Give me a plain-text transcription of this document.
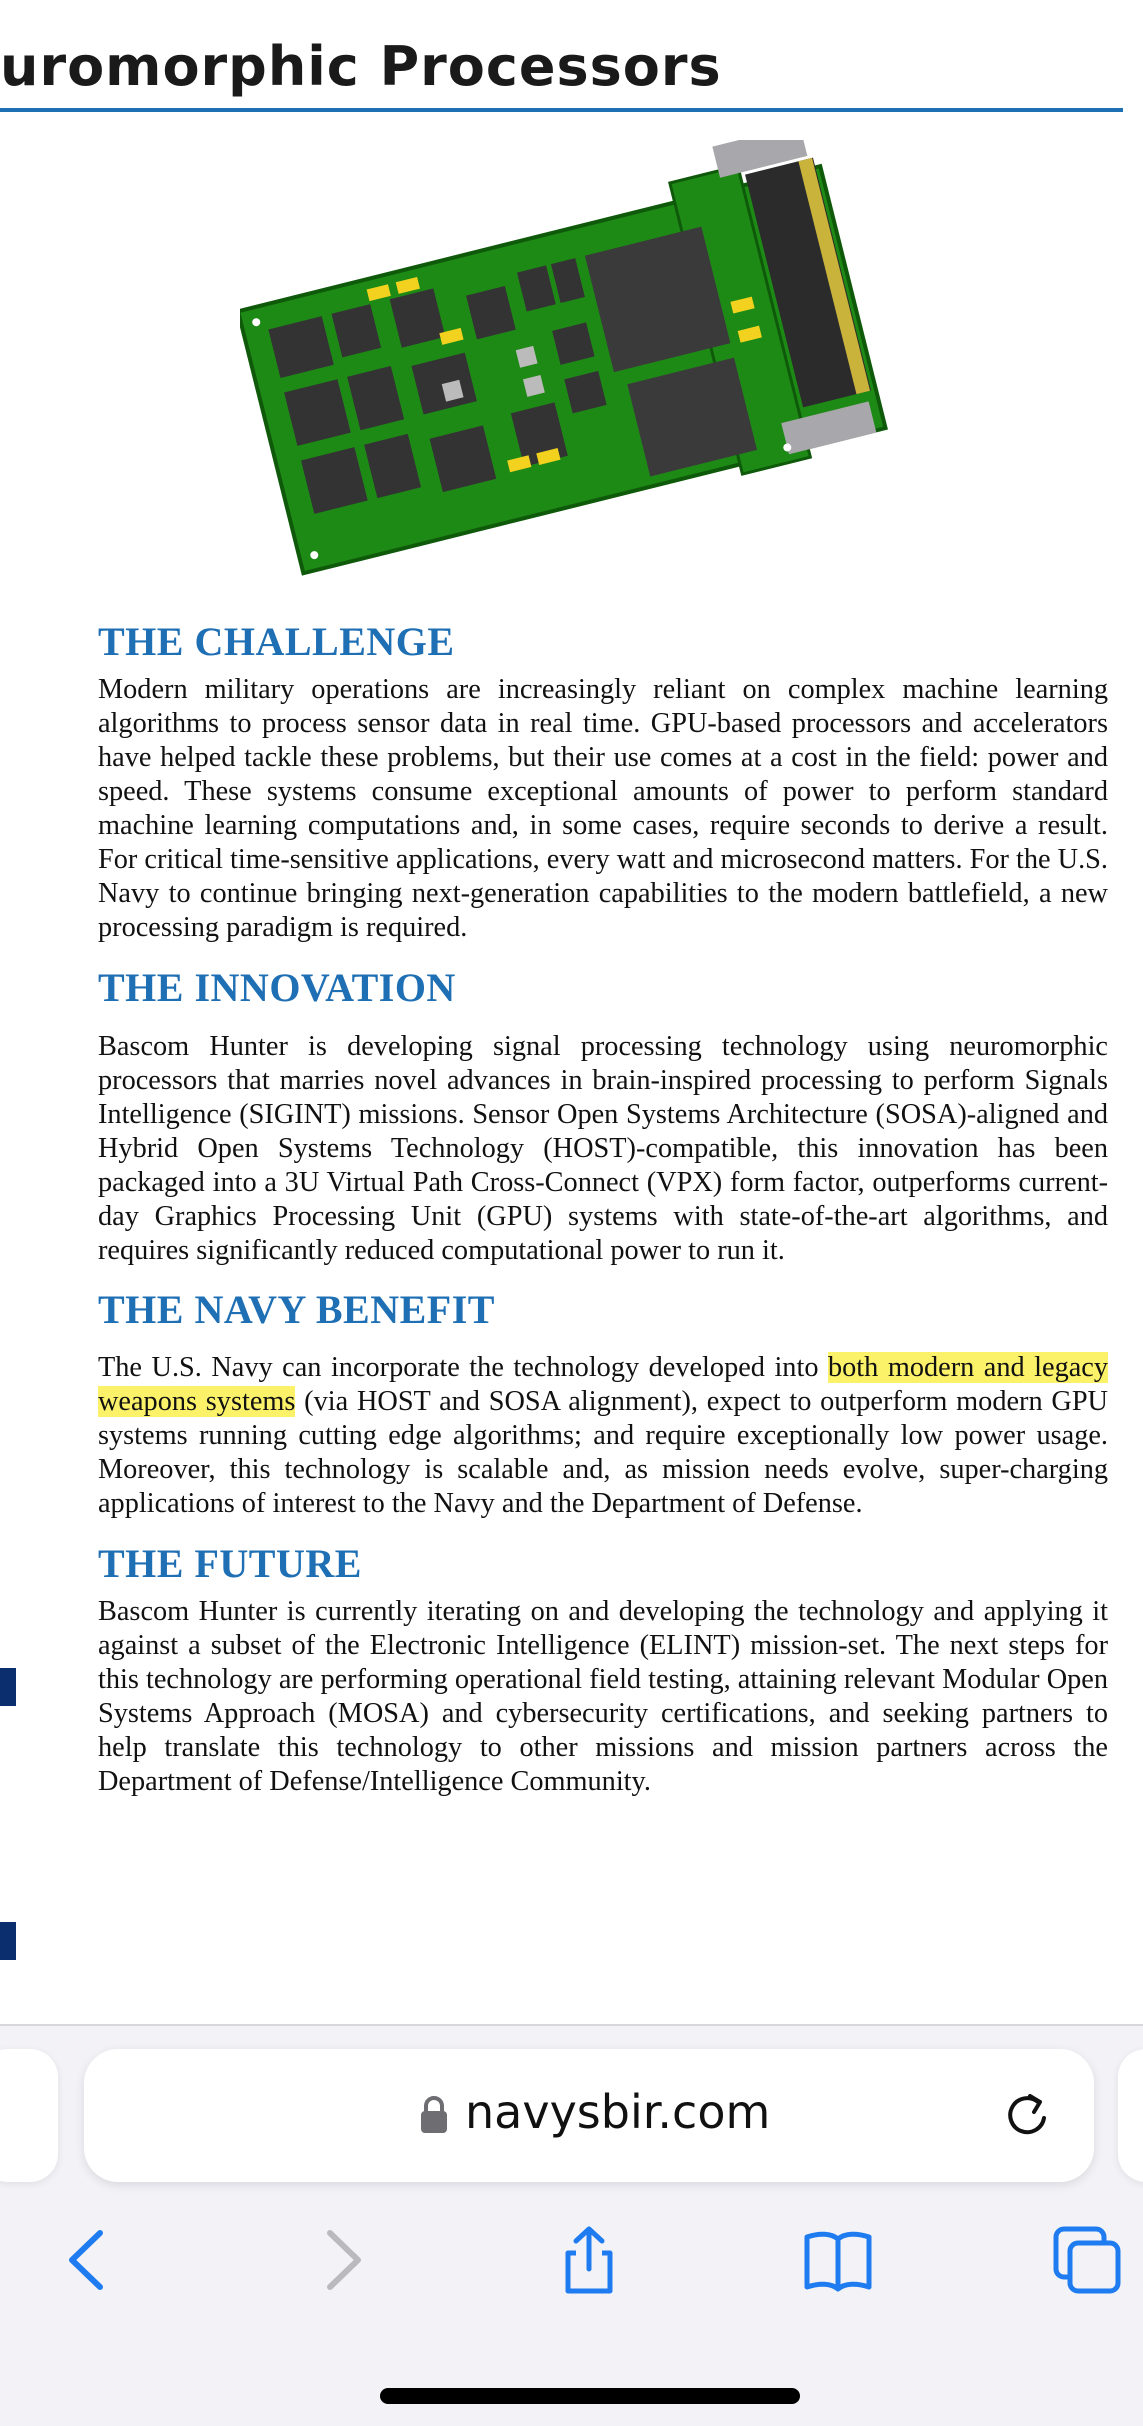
uromorphic Processors
THE CHALLENGE
Modern military operations are increasingly reliant on complex machine learning algorithms to process sensor data in real time. GPU-based processors and accelerators have helped tackle these problems, but their use comes at a cost in the field: power and speed. These systems consume exceptional amounts of power to perform standard machine learning computations and, in some cases, require seconds to derive a result. For critical time-sensitive applications, every watt and microsecond matters. For the U.S. Navy to continue bringing next-generation capabilities to the modern battlefield, a new processing paradigm is required.
THE INNOVATION
Bascom Hunter is developing signal processing technology using neuromorphic processors that marries novel advances in brain-inspired processing to perform Signals Intelligence (SIGINT) missions. Sensor Open Systems Architecture (SOSA)-aligned and Hybrid Open Systems Technology (HOST)-compatible, this innovation has been packaged into a 3U Virtual Path Cross-Connect (VPX) form factor, outperforms current-day Graphics Processing Unit (GPU) systems with state-of-the-art algorithms, and requires significantly reduced computational power to run it.
THE NAVY BENEFIT
The U.S. Navy can incorporate the technology developed into both modern and legacy weapons systems (via HOST and SOSA alignment), expect to outperform modern GPU systems running cutting edge algorithms; and require exceptionally low power usage. Moreover, this technology is scalable and, as mission needs evolve, super-charging applications of interest to the Navy and the Department of Defense.
THE FUTURE
Bascom Hunter is currently iterating on and developing the technology and applying it against a subset of the Electronic Intelligence (ELINT) mission-set. The next steps for this technology are performing operational field testing, attaining relevant Modular Open Systems Approach (MOSA) and cybersecurity certifications, and seeking partners to help translate this technology to other missions and mission partners across the Department of Defense/Intelligence Community.
navysbir.com
